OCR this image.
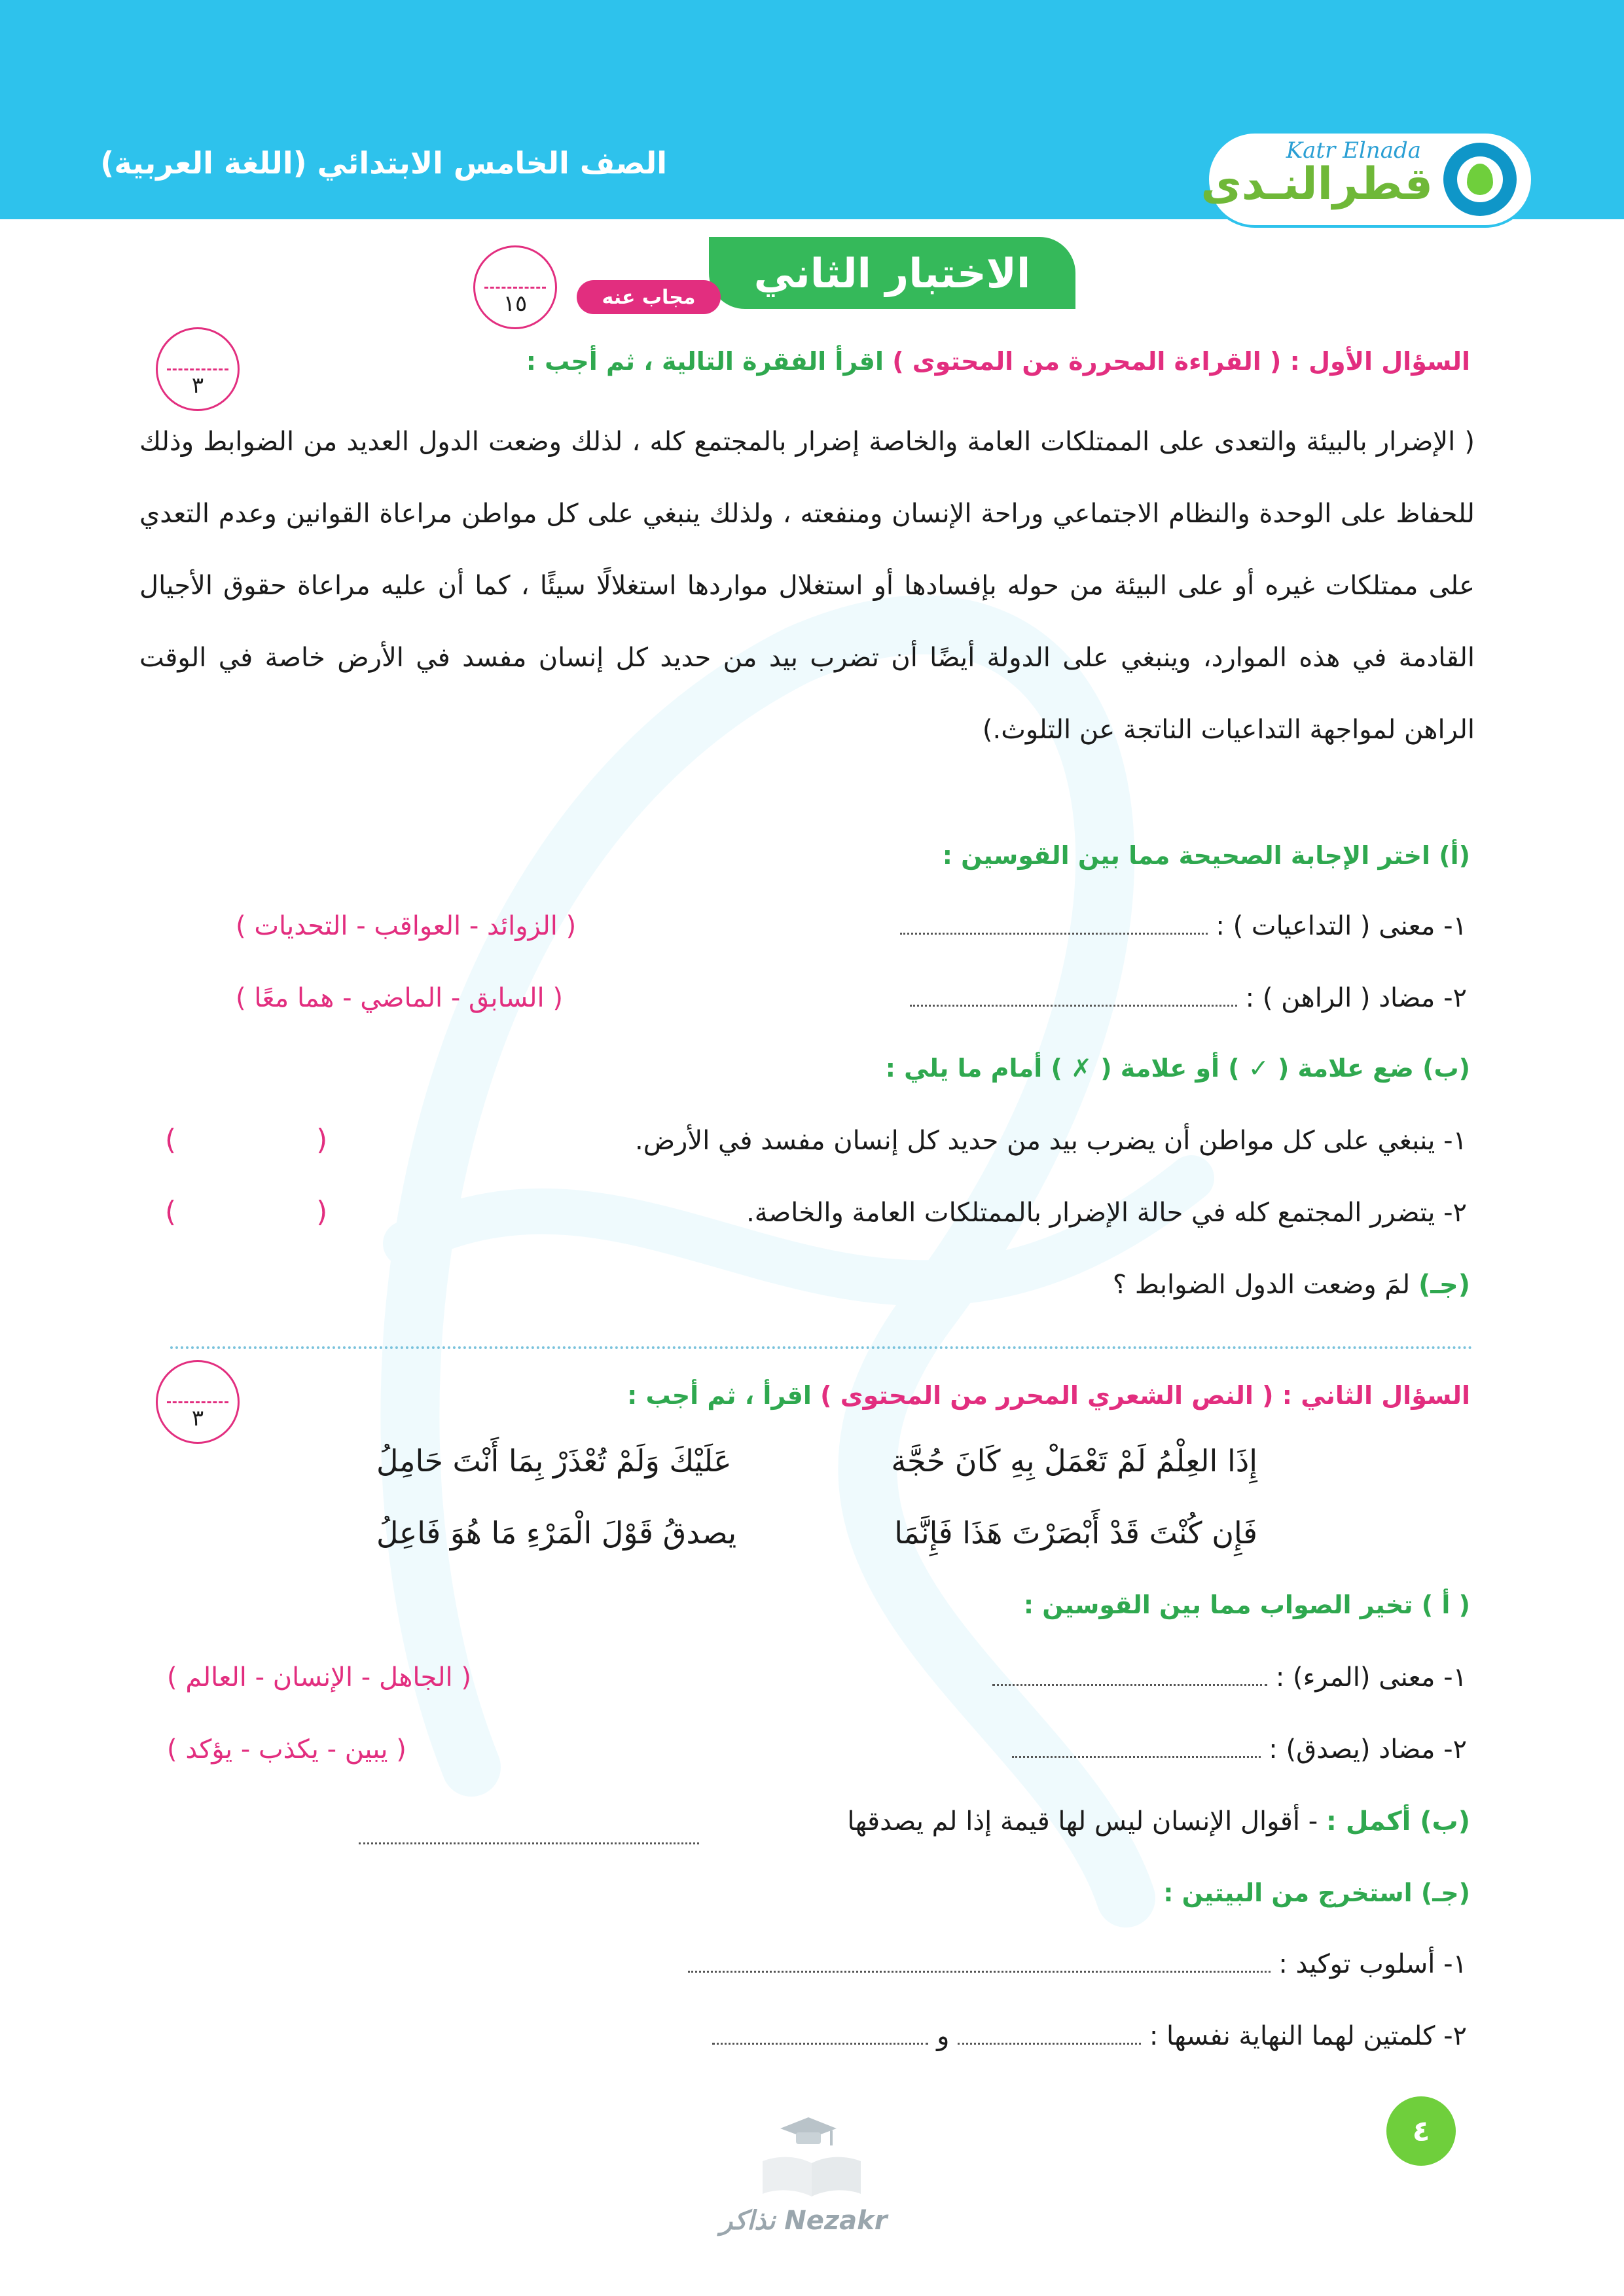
الصف الخامس الابتدائي (اللغة العربية)	قطرالنـدى
Katr Elnada
الاختبار الثاني
مجاب عنه
١٥
السؤال الأول : ( القراءة المحررة من المحتوى ) اقرأ الفقرة التالية ، ثم أجب :
٣
( الإضرار بالبيئة والتعدى على الممتلكات العامة والخاصة إضرار بالمجتمع كله ، لذلك وضعت الدول العديد من الضوابط وذلك للحفاظ على الوحدة والنظام الاجتماعي وراحة الإنسان ومنفعته ، ولذلك ينبغي على كل مواطن مراعاة القوانين وعدم التعدي على ممتلكات غيره أو على البيئة من حوله بإفسادها أو استغلال مواردها استغلالًا سيئًا ، كما أن عليه مراعاة حقوق الأجيال القادمة في هذه الموارد، وينبغي على الدولة أيضًا أن تضرب بيد من حديد كل إنسان مفسد في الأرض خاصة في الوقت الراهن لمواجهة التداعيات الناتجة عن التلوث.)
(أ) اختر الإجابة الصحيحة مما بين القوسين :
١- معنى ( التداعيات ) :
( الزوائد - العواقب - التحديات )
٢- مضاد ( الراهن ) :
( السابق - الماضي - هما معًا )
(ب) ضع علامة ( ✓ ) أو علامة ( ✗ ) أمام ما يلي :
١- ينبغي على كل مواطن أن يضرب بيد من حديد كل إنسان مفسد في الأرض.
( )
٢- يتضرر المجتمع كله في حالة الإضرار بالممتلكات العامة والخاصة.
( )
(جـ) لمَ وضعت الدول الضوابط ؟
السؤال الثاني : ( النص الشعري المحرر من المحتوى ) اقرأ ، ثم أجب :
٣
إِذَا العِلْمُ لَمْ تَعْمَلْ بِهِ كَانَ حُجَّة
عَلَيْكَ وَلَمْ تُعْذَرْ بِمَا أَنْتَ حَامِلُ
فَإِن كُنْتَ قَدْ أَبْصَرْتَ هَذَا فَإِنَّمَا
يصدقُ قَوْلَ الْمَرْءِ مَا هُوَ فَاعِلُ
( أ ) تخير الصواب مما بين القوسين :
١- معنى (المرء) :
( الجاهل - الإنسان - العالم )
٢- مضاد (يصدق) :
( يبين - يكذب - يؤكد )
(ب) أكمل : - أقوال الإنسان ليس لها قيمة إذا لم يصدقها
(جـ) استخرج من البيتين :
١- أسلوب توكيد :
٢- كلمتين لهما النهاية نفسها :  و
٤
Nezakr نذاكر
